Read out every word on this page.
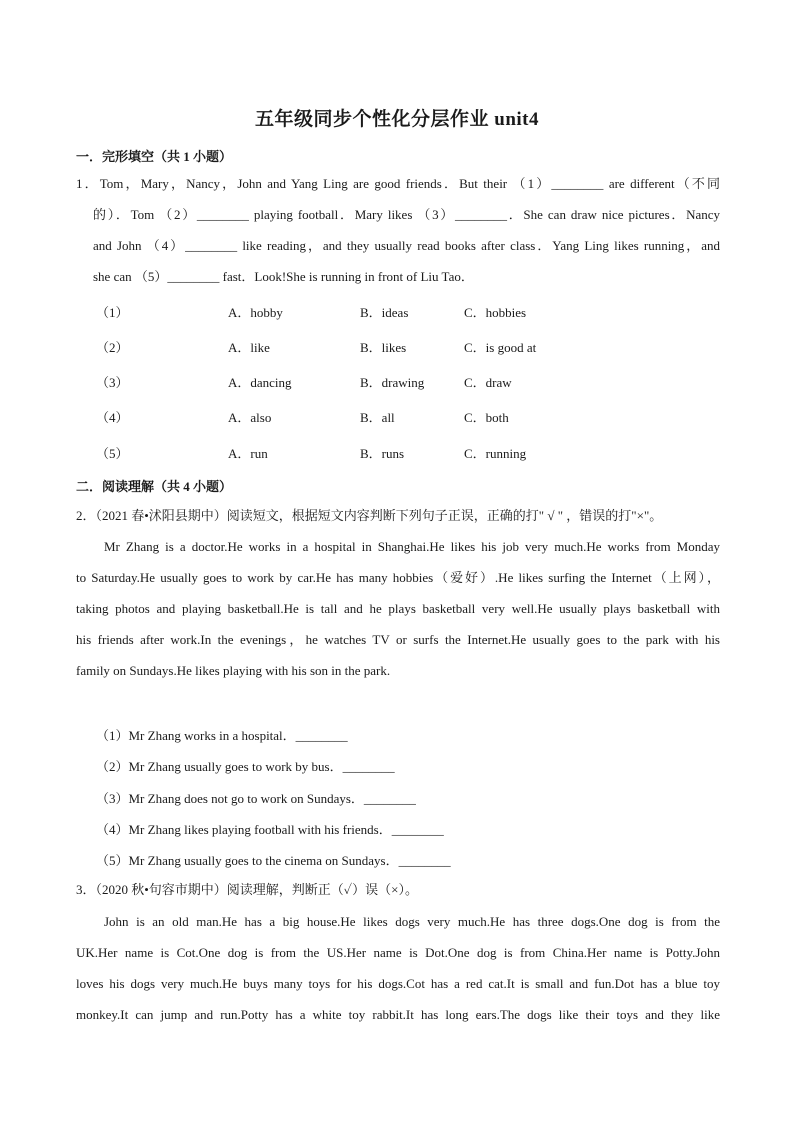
五年级同步个性化分层作业 unit4
一．完形填空（共 1 小题）
1．Tom，Mary，Nancy，John and Yang Ling are good friends．But their （1）________ are different（不同
的）．Tom （2）________ playing football．Mary likes （3）________．She can draw nice pictures．Nancy
and John （4）________ like reading，and they usually read books after class．Yang Ling likes running，and
she can （5）________ fast．Look!She is running in front of Liu Tao．
（1）	A．hobby	B．ideas	C．hobbies
（2）	A．like	B．likes	C．is good at
（3）	A．dancing	B．drawing	C．draw
（4）	A．also	B．all	C．both
（5）	A．run	B．runs	C．running
二．阅读理解（共 4 小题）
2．（2021 春•沭阳县期中）阅读短文，根据短文内容判断下列句子正误，正确的打" √ " ，错误的打"×"。
Mr Zhang is a doctor.He works in a hospital in Shanghai.He likes his job very much.He works from Monday
to Saturday.He usually goes to work by car.He has many hobbies（爱好）.He likes surfing the Internet（上网），
taking photos and playing basketball.He is tall and he plays basketball very well.He usually plays basketball with
his friends after work.In the evenings，he watches TV or surfs the Internet.He usually goes to the park with his
family on Sundays.He likes playing with his son in the park.
（1）Mr Zhang works in a hospital．________
（2）Mr Zhang usually goes to work by bus．________
（3）Mr Zhang does not go to work on Sundays．________
（4）Mr Zhang likes playing football with his friends．________
（5）Mr Zhang usually goes to the cinema on Sundays．________
3．（2020 秋•句容市期中）阅读理解，判断正（✓）误（×）。
John is an old man.He has a big house.He likes dogs very much.He has three dogs.One dog is from the
UK.Her name is Cot.One dog is from the US.Her name is Dot.One dog is from China.Her name is Potty.John
loves his dogs very much.He buys many toys for his dogs.Cot has a red cat.It is small and fun.Dot has a blue toy
monkey.It can jump and run.Potty has a white toy rabbit.It has long ears.The dogs like their toys and they like
